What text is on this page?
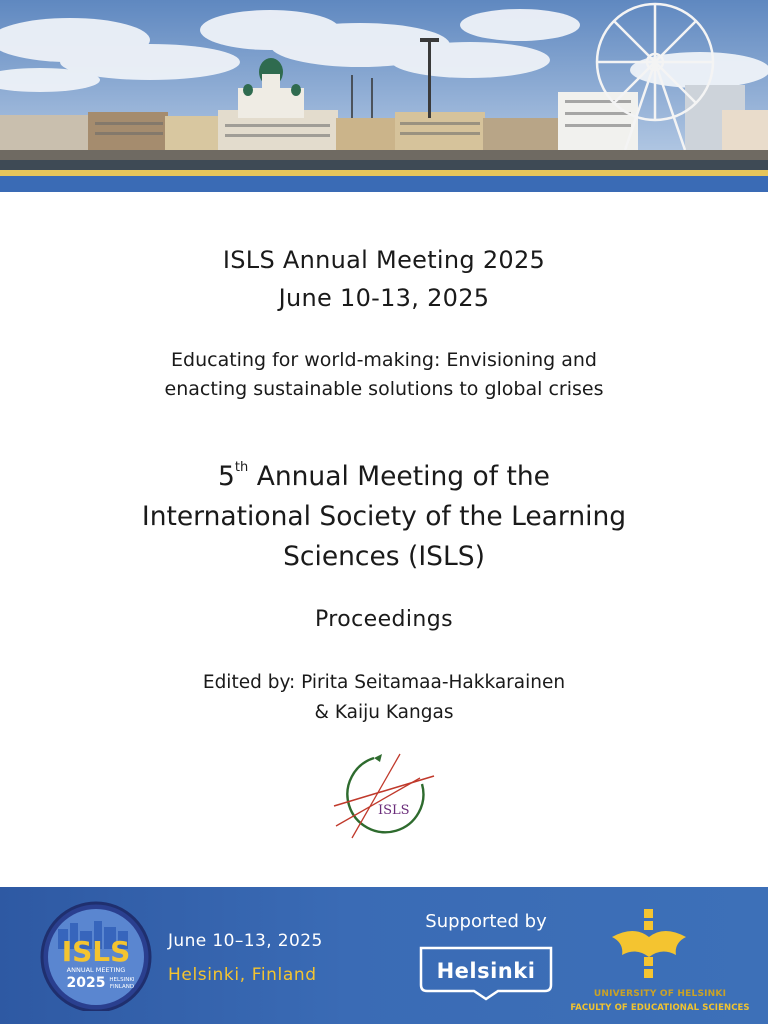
ISLS Annual Meeting 2025
June 10-13, 2025
Educating for world-making: Envisioning and
enacting sustainable solutions to global crises
5th Annual Meeting of the
International Society of the Learning
Sciences (ISLS)
Proceedings
Edited by: Pirita Seitamaa-Hakkarainen
& Kaiju Kangas
ISLS
ISLS
ANNUAL MEETING
2025 HELSINKI
FINLAND
June 10–13, 2025
Helsinki, Finland
Supported by
Helsinki
UNIVERSITY OF HELSINKI
FACULTY OF EDUCATIONAL SCIENCES
